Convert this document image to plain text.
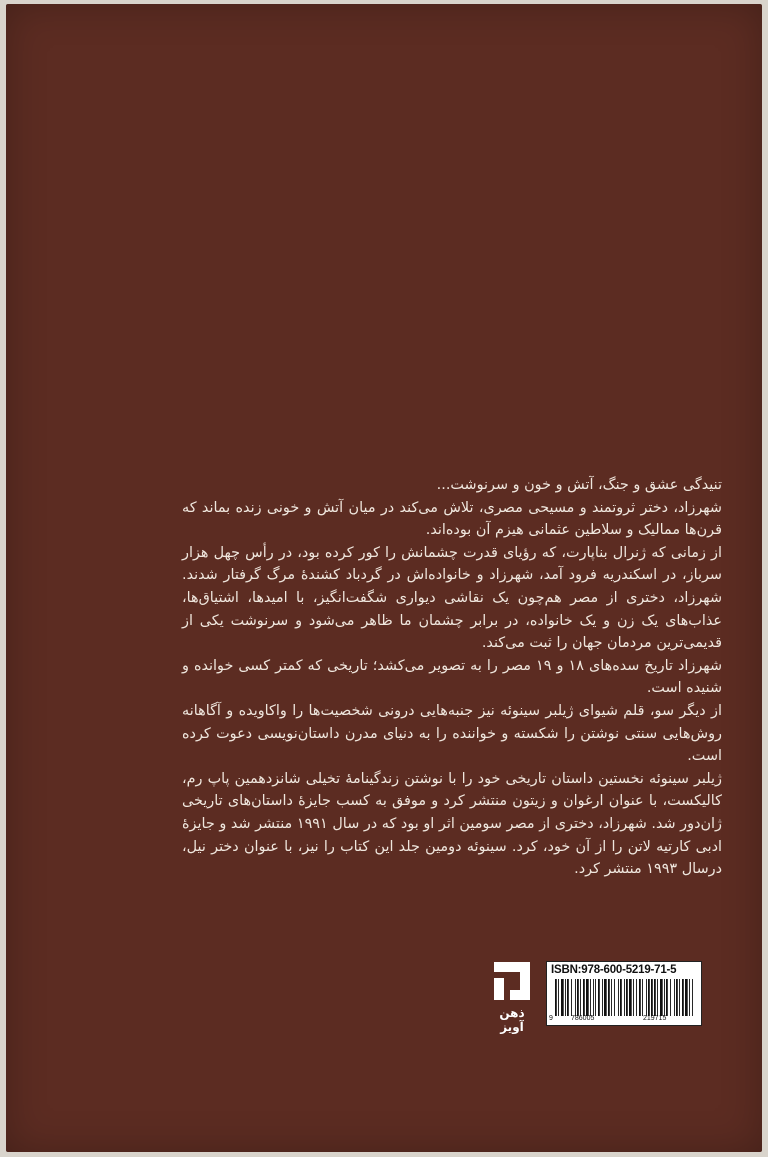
تنیدگی عشق و جنگ، آتش و خون و سرنوشت...

شهرزاد، دختر ثروتمند و مسیحی مصری، تلاش می‌کند در میان آتش و خونی زنده بماند که قرن‌ها ممالیک و سلاطین عثمانی هیزم آن بوده‌اند.

از زمانی که ژنرال بناپارت، که رؤیای قدرت چشمانش را کور کرده بود، در رأس چهل هزار سرباز، در اسکندریه فرود آمد، شهرزاد و خانواده‌اش در گردباد کشندهٔ مرگ گرفتار شدند. شهرزاد، دختری از مصر هم‌چون یک نقاشی دیواری شگفت‌انگیز، با امیدها، اشتیاق‌ها، عذاب‌های یک زن و یک خانواده، در برابر چشمان ما ظاهر می‌شود و سرنوشت یکی از قدیمی‌ترین مردمان جهان را ثبت می‌کند.

شهرزاد تاریخ سده‌های ۱۸ و ۱۹ مصر را به تصویر می‌کشد؛ تاریخی که کمتر کسی خوانده و شنیده است.

از دیگر سو، قلم شیوای ژیلبر سینوئه نیز جنبه‌هایی درونی شخصیت‌ها را واکاویده و آگاهانه روش‌هایی سنتی نوشتن را شکسته و خواننده را به دنیای مدرن داستان‌نویسی دعوت کرده است.

ژیلبر سینوئه نخستین داستان تاریخی خود را با نوشتن زندگینامهٔ تخیلی شانزدهمین پاپ رم، کالیکست، با عنوان ارغوان و زیتون منتشر کرد و موفق به کسب جایزهٔ داستان‌های تاریخی ژان‌دور شد. شهرزاد، دختری از مصر سومین اثر او بود که در سال ۱۹۹۱ منتشر شد و جایزهٔ ادبی کارتیه لاتن را از آن خود، کرد. سینوئه دومین جلد این کتاب را نیز، با عنوان دختر نیل، درسال ۱۹۹۳ منتشر کرد.

ذهن آویز
ISBN:978-600-5219-71-5
9	786005	219715
